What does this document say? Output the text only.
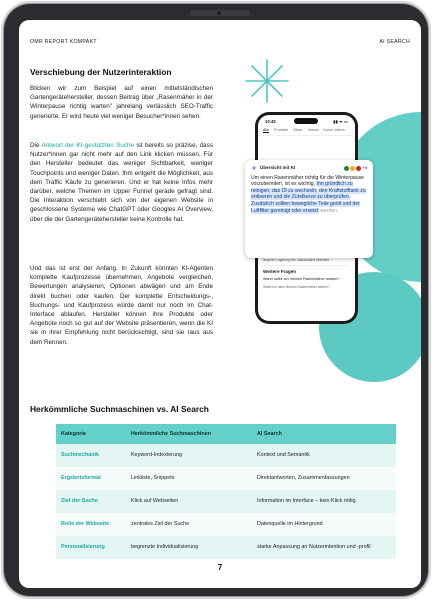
OMR REPORT KOMPAKT	AI SEARCH
Verschiebung der Nutzerinteraktion

Blicken wir zum Beispiel auf einen mittelständischen Gartengerätehersteller, dessen Beitrag über „Rasenmäher in der Winterpause richtig warten" jahrelang verlässlich SEO-Traffic generierte. Er wird heute viel weniger Besucher*innen sehen.

Die Antwort der KI-gestützten Suche ist bereits so präzise, dass Nutzer*innen gar nicht mehr auf den Link klicken müssen. Für den Hersteller bedeutet das weniger Sichtbarkeit, weniger Touchpoints und weniger Daten. Ihm entgeht die Möglichkeit, aus dem Traffic Käufe zu generieren. Und er hat keine Infos mehr darüber, welche Themen im Upper Funnel gerade gefragt sind. Die Interaktion verschiebt sich von der eigenen Website in geschlossene Systeme wie ChatGPT oder Googles AI Overview, über die der Gartengerätehersteller keine Kontrolle hat.

Und das ist erst der Anfang. In Zukunft könnten KI-Agenten komplette Kaufprozesse übernehmen, Angebote vergleichen, Bewertungen analysieren, Optionen abwägen und am Ende direkt buchen oder kaufen. Der komplette Entscheidungs-, Buchungs- und Kaufprozess würde damit nur noch im Chat-Interface ablaufen. Hersteller können ihre Produkte oder Angebote noch so gut auf der Website präsentieren, wenn die KI sie in ihrer Empfehlung nicht berücksichtigt, sind sie raus aus dem Rennen.

10:45	▮▮ ᯤ ▭
Alle Produkte Bilder Videos Kurze Videos
längeren Lagerung den Ladezustand beachten ...
Weitere Fragen
Wann sollte ich meinen Rasenmäher warten?
Sollte ich mein Benzin-Rasenmäher warten?
Übersicht mit KI	+4
Um einen Rasenmäher richtig für die Winterpause vorzubereiten, ist es wichtig, ihn gründlich zu reinigen, das Öl zu wechseln, den Kraftstofftank zu entleeren und die Zündkerze zu überprüfen. Zusätzlich sollten bewegliche Teile geölt und der Luftfilter gereinigt oder ersetzt werden.
Herkömmliche Suchmaschinen vs. AI Search
Kategorie	Herkömmliche Suchmaschinen	AI Search
Suchmechanik	Keyword-Indexierung	Kontext und Semantik
Ergebnisformat	Linkliste, Snippets	Direktantworten, Zusammenfassungen
Ziel der Suche	Klick auf Webseiten	Information im Interface – kein Klick nötig
Rolle der Webseite	zentrales Ziel der Suche	Datenquelle im Hintergrund
Personalisierung	begrenzte Individualisierung	starke Anpassung an Nutzerintention und -profil
7
